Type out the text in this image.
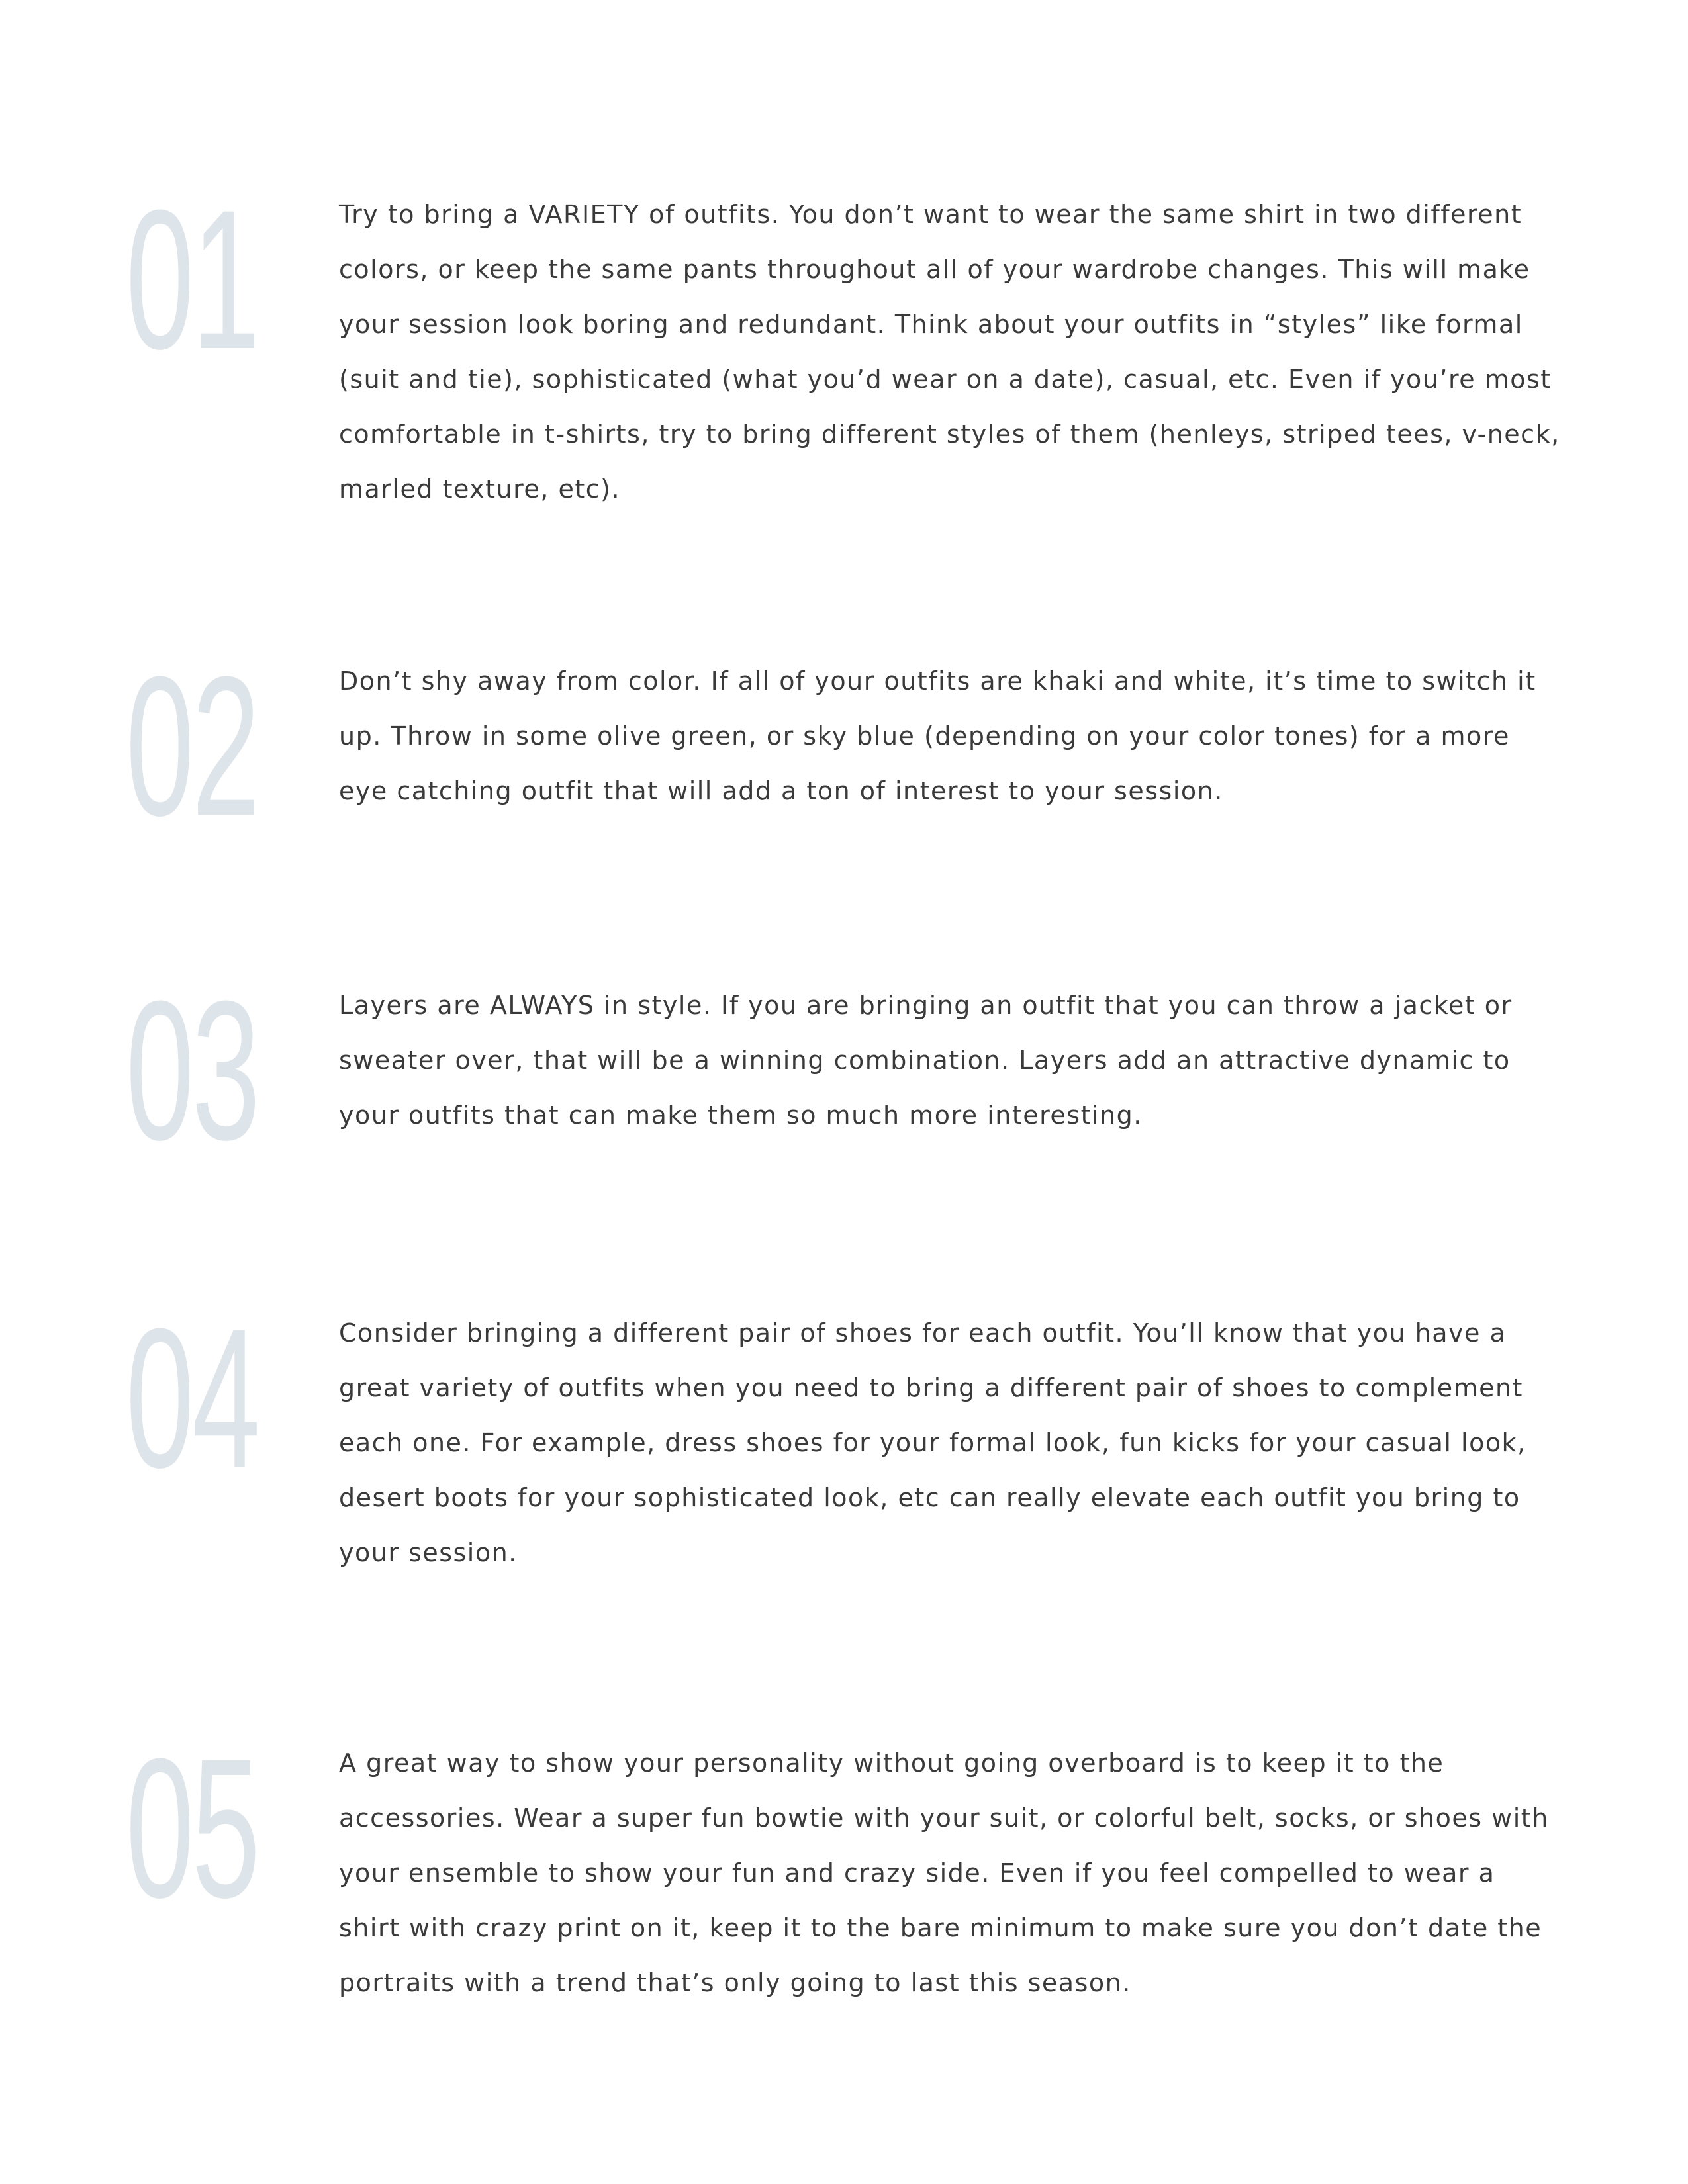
01	Try to bring a VARIETY of outfits. You don’t want to wear the same shirt in two different colors, or keep the same pants throughout all of your wardrobe changes. This will make your session look boring and redundant. Think about your outfits in “styles” like formal (suit and tie), sophisticated (what you’d wear on a date), casual, etc. Even if you’re most comfortable in t-shirts, try to bring different styles of them (henleys, striped tees, v-neck, marled texture, etc).

02	Don’t shy away from color. If all of your outfits are khaki and white, it’s time to switch it up. Throw in some olive green, or sky blue (depending on your color tones) for a more eye catching outfit that will add a ton of interest to your session.

03	Layers are ALWAYS in style. If you are bringing an outfit that you can throw a jacket or sweater over, that will be a winning combination. Layers add an attractive dynamic to your outfits that can make them so much more interesting.

04	Consider bringing a different pair of shoes for each outfit. You’ll know that you have a great variety of outfits when you need to bring a different pair of shoes to complement each one. For example, dress shoes for your formal look, fun kicks for your casual look, desert boots for your sophisticated look, etc can really elevate each outfit you bring to your session.

05	A great way to show your personality without going overboard is to keep it to the accessories. Wear a super fun bowtie with your suit, or colorful belt, socks, or shoes with your ensemble to show your fun and crazy side. Even if you feel compelled to wear a shirt with crazy print on it, keep it to the bare minimum to make sure you don’t date the portraits with a trend that’s only going to last this season.
